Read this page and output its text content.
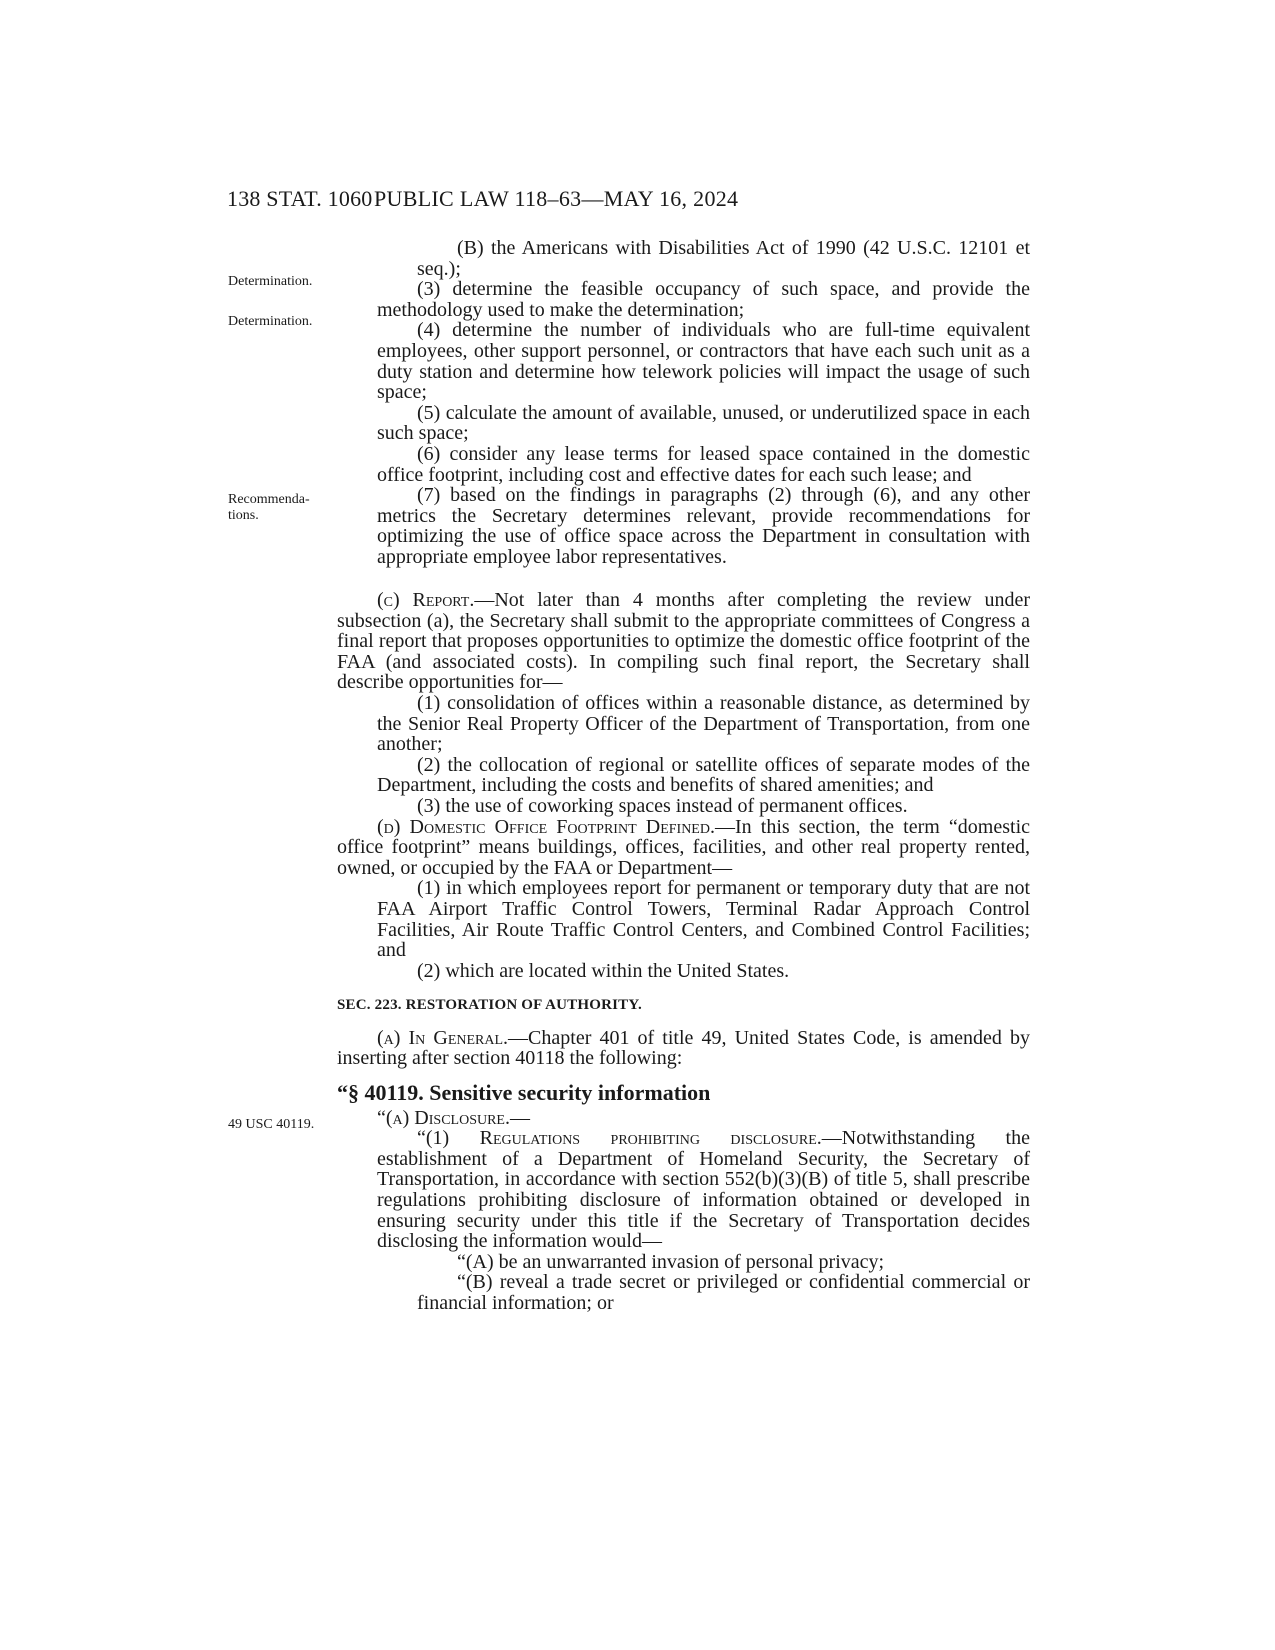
138 STAT. 1060 PUBLIC LAW 118–63—MAY 16, 2024
Determination.
Determination.
Recommenda-
tions.
49 USC 40119.

(B) the Americans with Disabilities Act of 1990 (42 U.S.C. 12101 et seq.);

(3) determine the feasible occupancy of such space, and provide the methodology used to make the determination;

(4) determine the number of individuals who are full-time equivalent employees, other support personnel, or contractors that have each such unit as a duty station and determine how telework policies will impact the usage of such space;

(5) calculate the amount of available, unused, or underutilized space in each such space;

(6) consider any lease terms for leased space contained in the domestic office footprint, including cost and effective dates for each such lease; and

(7) based on the findings in paragraphs (2) through (6), and any other metrics the Secretary determines relevant, provide recommendations for optimizing the use of office space across the Department in consultation with appropriate employee labor representatives.

(c) Report.—Not later than 4 months after completing the review under subsection (a), the Secretary shall submit to the appropriate committees of Congress a final report that proposes opportunities to optimize the domestic office footprint of the FAA (and associated costs). In compiling such final report, the Secretary shall describe opportunities for—

(1) consolidation of offices within a reasonable distance, as determined by the Senior Real Property Officer of the Department of Transportation, from one another;

(2) the collocation of regional or satellite offices of separate modes of the Department, including the costs and benefits of shared amenities; and

(3) the use of coworking spaces instead of permanent offices.

(d) Domestic Office Footprint Defined.—In this section, the term “domestic office footprint” means buildings, offices, facilities, and other real property rented, owned, or occupied by the FAA or Department—

(1) in which employees report for permanent or temporary duty that are not FAA Airport Traffic Control Towers, Terminal Radar Approach Control Facilities, Air Route Traffic Control Centers, and Combined Control Facilities; and

(2) which are located within the United States.

SEC. 223. RESTORATION OF AUTHORITY.

(a) In General.—Chapter 401 of title 49, United States Code, is amended by inserting after section 40118 the following:

“§ 40119. Sensitive security information

“(a) Disclosure.—

“(1) Regulations prohibiting disclosure.—Notwithstanding the establishment of a Department of Homeland Security, the Secretary of Transportation, in accordance with section 552(b)(3)(B) of title 5, shall prescribe regulations prohibiting disclosure of information obtained or developed in ensuring security under this title if the Secretary of Transportation decides disclosing the information would—

“(A) be an unwarranted invasion of personal privacy;

“(B) reveal a trade secret or privileged or confidential commercial or financial information; or
